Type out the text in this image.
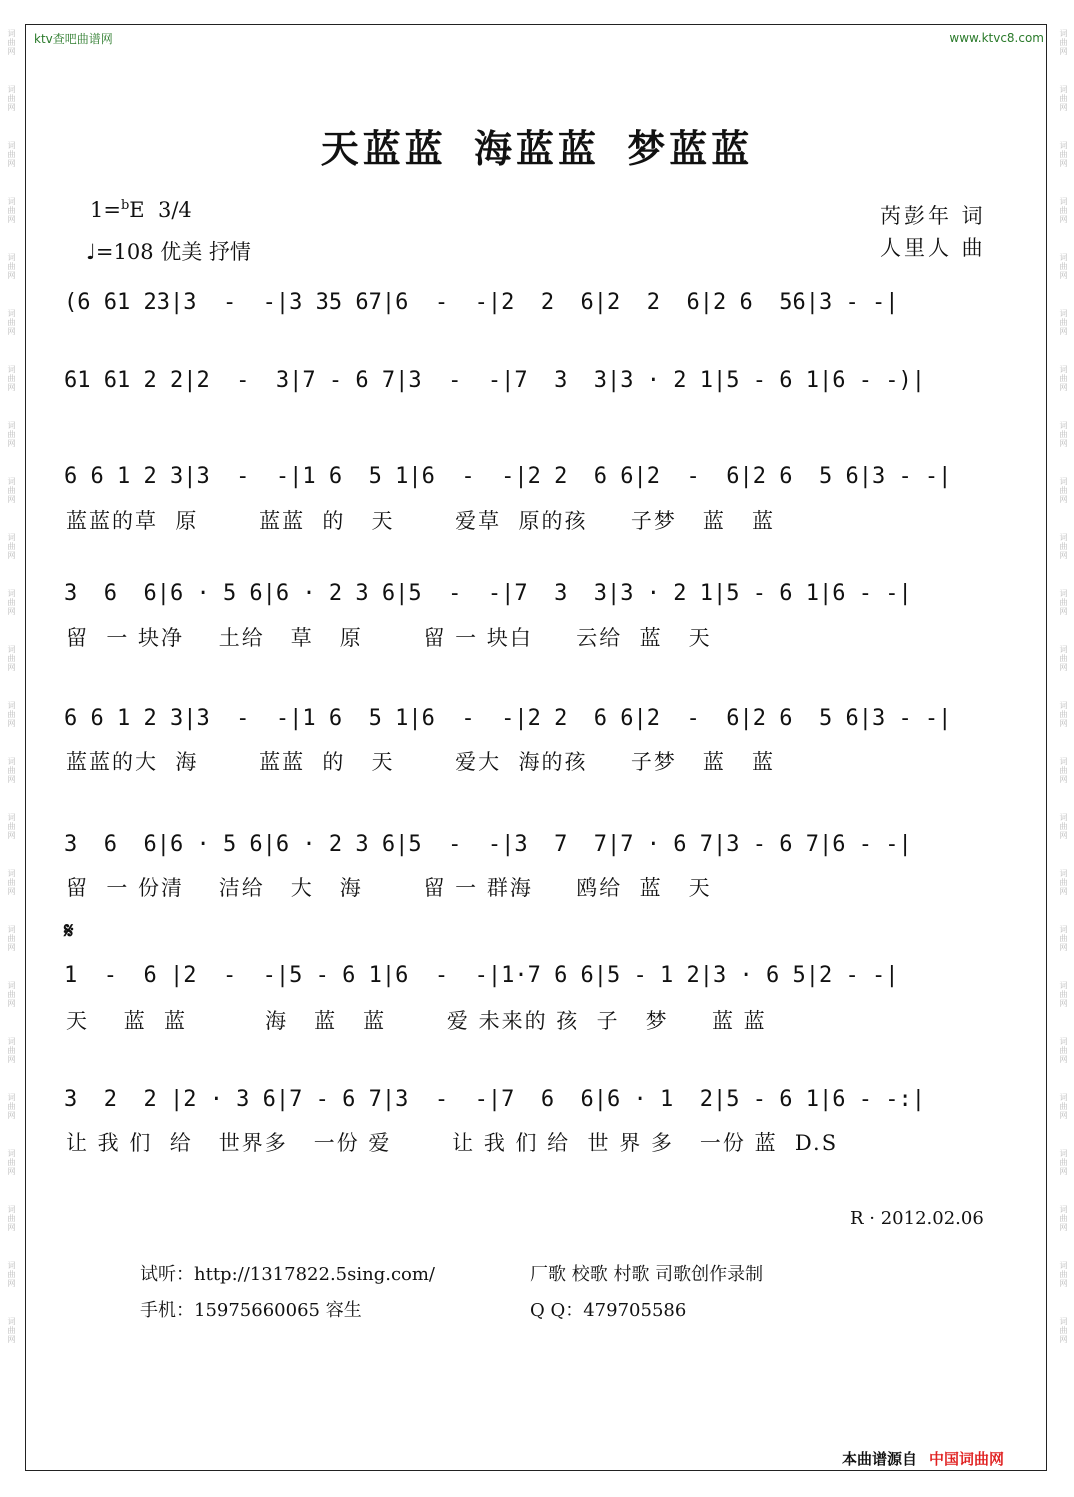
词曲网
词曲网
词曲网
词曲网
词曲网
词曲网
词曲网
词曲网
词曲网
词曲网
词曲网
词曲网
词曲网
词曲网
词曲网
词曲网
词曲网
词曲网
词曲网
词曲网
词曲网
词曲网
词曲网
词曲网
词曲网
词曲网
词曲网
词曲网
词曲网
词曲网
词曲网
词曲网
词曲网
词曲网
词曲网
词曲网
词曲网
词曲网
词曲网
词曲网
词曲网
词曲网
词曲网
词曲网
词曲网
词曲网
词曲网
词曲网
ktv查吧曲谱网	www.ktvc8.com
天蓝蓝 海蓝蓝 梦蓝蓝
1=$^b$E 3/4
♩=108 优美 抒情
芮彭年 词
人里人 曲
(6 61 23|3  -  -|3 35 67|6  -  -|2  2  6|2  2  6|2 6  56|3 - -|
61 61 2 2|2  -  3|7 - 6 7|3  -  -|7  3  3|3 · 2 1|5 - 6 1|6 - -)|
6 6 1 2 3|3  -  -|1 6  5 1|6  -  -|2 2  6 6|2  -  6|2 6  5 6|3 - -|
蓝蓝的草  原       蓝蓝  的   天       爱草  原的孩     子梦   蓝   蓝
3  6  6|6 · 5 6|6 · 2 3 6|5  -  -|7  3  3|3 · 2 1|5 - 6 1|6 - -|
留  一 块净    土给   草   原       留 一 块白     云给  蓝   天
6 6 1 2 3|3  -  -|1 6  5 1|6  -  -|2 2  6 6|2  -  6|2 6  5 6|3 - -|
蓝蓝的大  海       蓝蓝  的   天       爱大  海的孩     子梦   蓝   蓝
3  6  6|6 · 5 6|6 · 2 3 6|5  -  -|3  7  7|7 · 6 7|3 - 6 7|6 - -|
留  一 份清    洁给   大   海       留 一 群海     鸥给  蓝   天
𝄋
1  -  6 |2  -  -|5 - 6 1|6  -  -|1·7 6 6|5 - 1 2|3 · 6 5|2 - -|
天    蓝  蓝         海   蓝   蓝       爱 未来的 孩  子   梦     蓝 蓝
3  2  2 |2 · 3 6|7 - 6 7|3  -  -|7  6  6|6 · 1  2|5 - 6 1|6 - -:|
让 我 们  给   世界多   一份 爱       让 我 们 给  世 界 多   一份 蓝  D.S
R · 2012.02.06
试听：http://1317822.5sing.com/	厂歌 校歌 村歌 司歌创作录制
手机：15975660065 容生	Q Q：479705586
本曲谱源自 中国词曲网
